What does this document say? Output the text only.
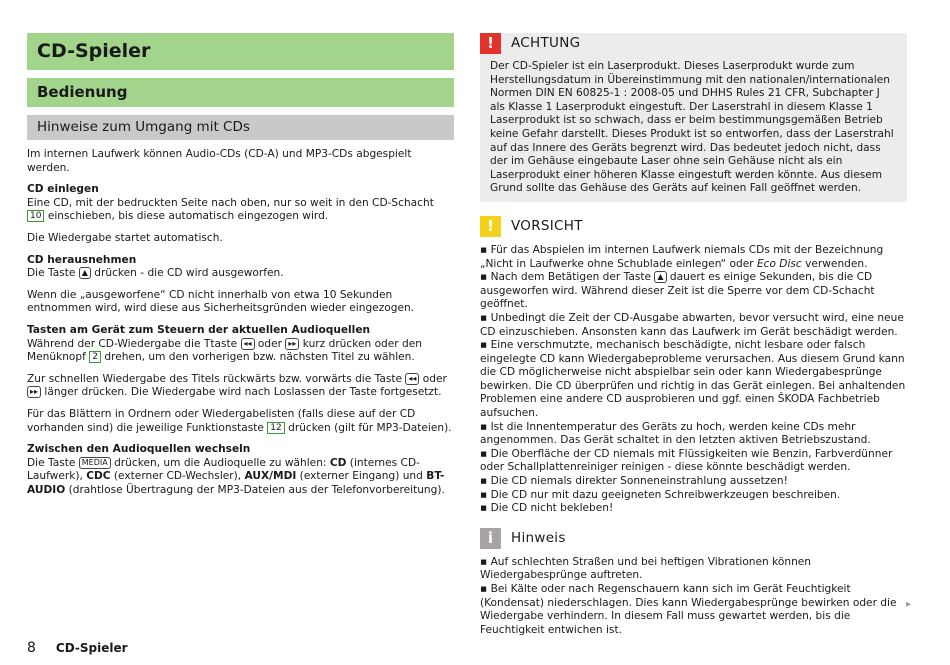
CD-Spieler
Bedienung
Hinweise zum Umgang mit CDs

Im internen Laufwerk können Audio-CDs (CD-A) und MP3-CDs abgespielt werden.

CD einlegen
Eine CD, mit der bedruckten Seite nach oben, nur so weit in den CD-Schacht 10 einschieben, bis diese automatisch eingezogen wird.

Die Wiedergabe startet automatisch.

CD herausnehmen
Die Taste ▲ drücken - die CD wird ausgeworfen.

Wenn die „ausgeworfene“ CD nicht innerhalb von etwa 10 Sekunden entnommen wird, wird diese aus Sicherheitsgründen wieder eingezogen.

Tasten am Gerät zum Steuern der aktuellen Audioquellen
Während der CD-Wiedergabe die Ttaste ◂◂ oder ▸▸ kurz drücken oder den Menüknopf 2 drehen, um den vorherigen bzw. nächsten Titel zu wählen.

Zur schnellen Wiedergabe des Titels rückwärts bzw. vorwärts die Taste ◂◂ oder ▸▸ länger drücken. Die Wiedergabe wird nach Loslassen der Taste fortgesetzt.

Für das Blättern in Ordnern oder Wiedergabelisten (falls diese auf der CD vorhanden sind) die jeweilige Funktionstaste 12 drücken (gilt für MP3-Dateien).

Zwischen den Audioquellen wechseln
Die Taste MEDIA drücken, um die Audioquelle zu wählen: CD (internes CD-Laufwerk), CDC (externer CD-Wechsler), AUX/MDI (externer Eingang) und BT-AUDIO (drahtlose Übertragung der MP3-Dateien aus der Telefonvorbereitung).

!	ACHTUNG
Der CD-Spieler ist ein Laserprodukt. Dieses Laserprodukt wurde zum Herstellungsdatum in Übereinstimmung mit den nationalen/internationalen Normen DIN EN 60825-1 : 2008-05 und DHHS Rules 21 CFR, Subchapter J als Klasse 1 Laserprodukt eingestuft. Der Laserstrahl in diesem Klasse 1 Laserprodukt ist so schwach, dass er beim bestimmungsgemäßen Betrieb keine Gefahr darstellt. Dieses Produkt ist so entworfen, dass der Laserstrahl auf das Innere des Geräts begrenzt wird. Das bedeutet jedoch nicht, dass der im Gehäuse eingebaute Laser ohne sein Gehäuse nicht als ein Laserprodukt einer höheren Klasse eingestuft werden könnte. Aus diesem Grund sollte das Gehäuse des Geräts auf keinen Fall geöffnet werden.
!	VORSICHT
▪ Für das Abspielen im internen Laufwerk niemals CDs mit der Bezeichnung „Nicht in Laufwerke ohne Schublade einlegen“ oder Eco Disc verwenden.
▪ Nach dem Betätigen der Taste ▲ dauert es einige Sekunden, bis die CD ausgeworfen wird. Während dieser Zeit ist die Sperre vor dem CD-Schacht geöffnet.
▪ Unbedingt die Zeit der CD-Ausgabe abwarten, bevor versucht wird, eine neue CD einzuschieben. Ansonsten kann das Laufwerk im Gerät beschädigt werden.
▪ Eine verschmutzte, mechanisch beschädigte, nicht lesbare oder falsch eingelegte CD kann Wiedergabeprobleme verursachen. Aus diesem Grund kann die CD möglicherweise nicht abspielbar sein oder kann Wiedergabesprünge bewirken. Die CD überprüfen und richtig in das Gerät einlegen. Bei anhaltenden Problemen eine andere CD ausprobieren und ggf. einen ŠKODA Fachbetrieb aufsuchen.
▪ Ist die Innentemperatur des Geräts zu hoch, werden keine CDs mehr angenommen. Das Gerät schaltet in den letzten aktiven Betriebszustand.
▪ Die Oberfläche der CD niemals mit Flüssigkeiten wie Benzin, Farbverdünner oder Schallplattenreiniger reinigen - diese könnte beschädigt werden.
▪ Die CD niemals direkter Sonneneinstrahlung aussetzen!
▪ Die CD nur mit dazu geeigneten Schreibwerkzeugen beschreiben.
▪ Die CD nicht bekleben!
i	Hinweis
▪ Auf schlechten Straßen und bei heftigen Vibrationen können Wiedergabesprünge auftreten.
▪ Bei Kälte oder nach Regenschauern kann sich im Gerät Feuchtigkeit (Kondensat) niederschlagen. Dies kann Wiedergabesprünge bewirken oder die Wiedergabe verhindern. In diesem Fall muss gewartet werden, bis die Feuchtigkeit entwichen ist.
▸
8 CD-Spieler
